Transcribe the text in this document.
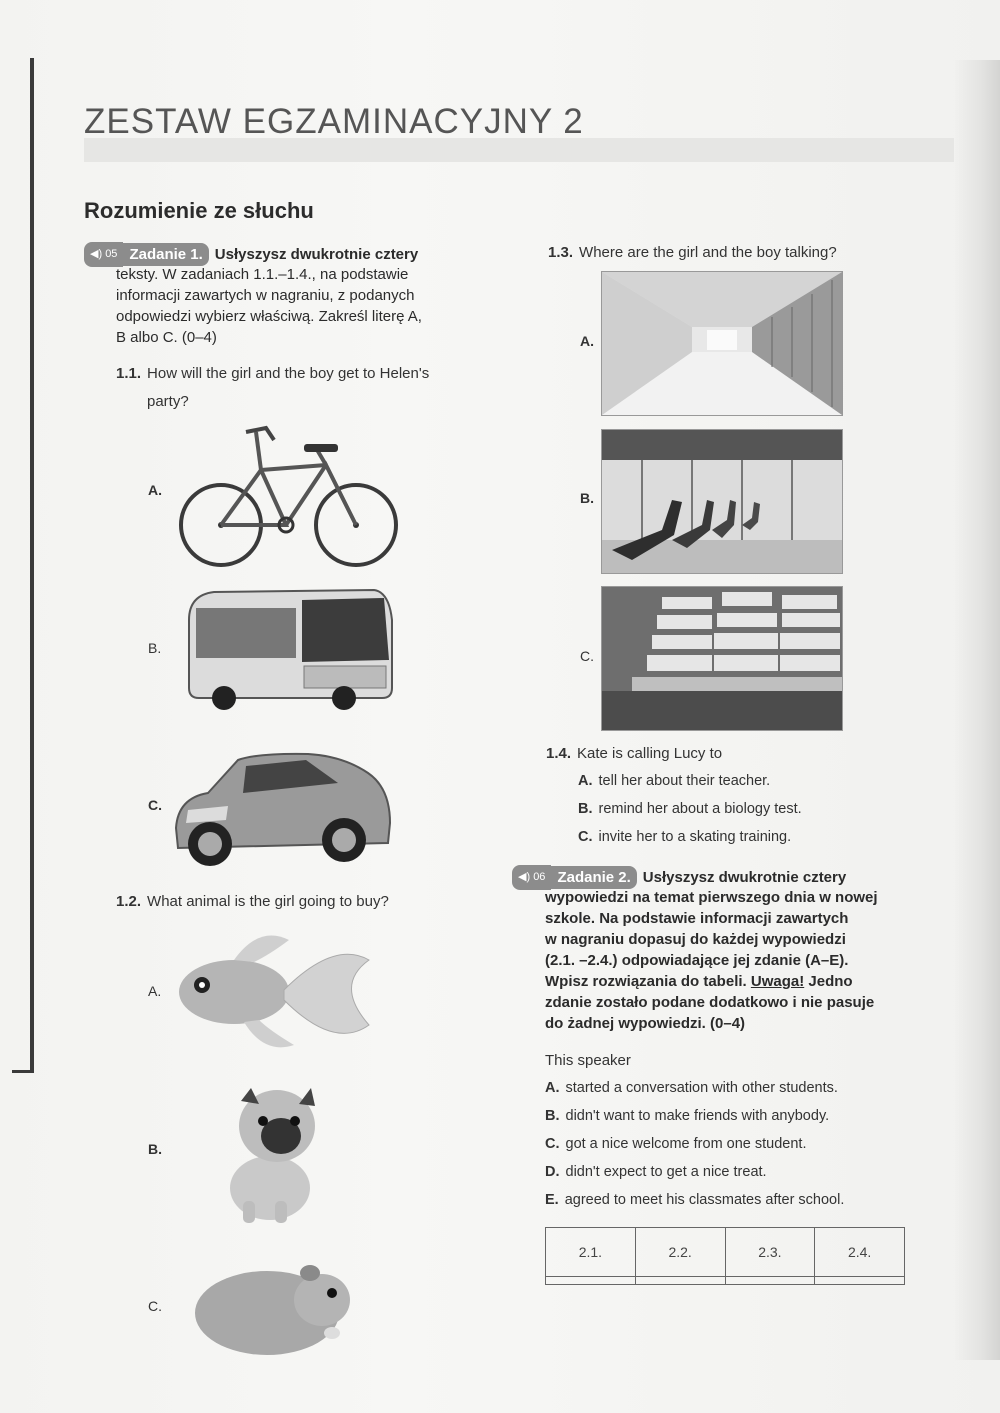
ZESTAW EGZAMINACYJNY 2
Rozumienie ze słuchu
◀︎) 05 Zadanie 1. Usłyszysz dwukrotnie cztery
teksty. W zadaniach 1.1.–1.4., na podstawie
informacji zawartych w nagraniu, z podanych
odpowiedzi wybierz właściwą. Zakreśl literę A,
B albo C. (0–4)
1.1. How will the girl and the boy get to Helen's
party?
A.
B.
C.
1.2. What animal is the girl going to buy?
A.
B.
C.
1.3. Where are the girl and the boy talking?
A.
B.
C.
1.4. Kate is calling Lucy to
A. tell her about their teacher.
B. remind her about a biology test.
C. invite her to a skating training.
◀︎) 06 Zadanie 2. Usłyszysz dwukrotnie cztery
wypowiedzi na temat pierwszego dnia w nowej
szkole. Na podstawie informacji zawartych
w nagraniu dopasuj do każdej wypowiedzi
(2.1. –2.4.) odpowiadające jej zdanie (A–E).
Wpisz rozwiązania do tabeli. Uwaga! Jedno
zdanie zostało podane dodatkowo i nie pasuje
do żadnej wypowiedzi. (0–4)
This speaker
A. started a conversation with other students.
B. didn't want to make friends with anybody.
C. got a nice welcome from one student.
D. didn't expect to get a nice treat.
E. agreed to meet his classmates after school.
2.1.	2.2.	2.3.	2.4.
